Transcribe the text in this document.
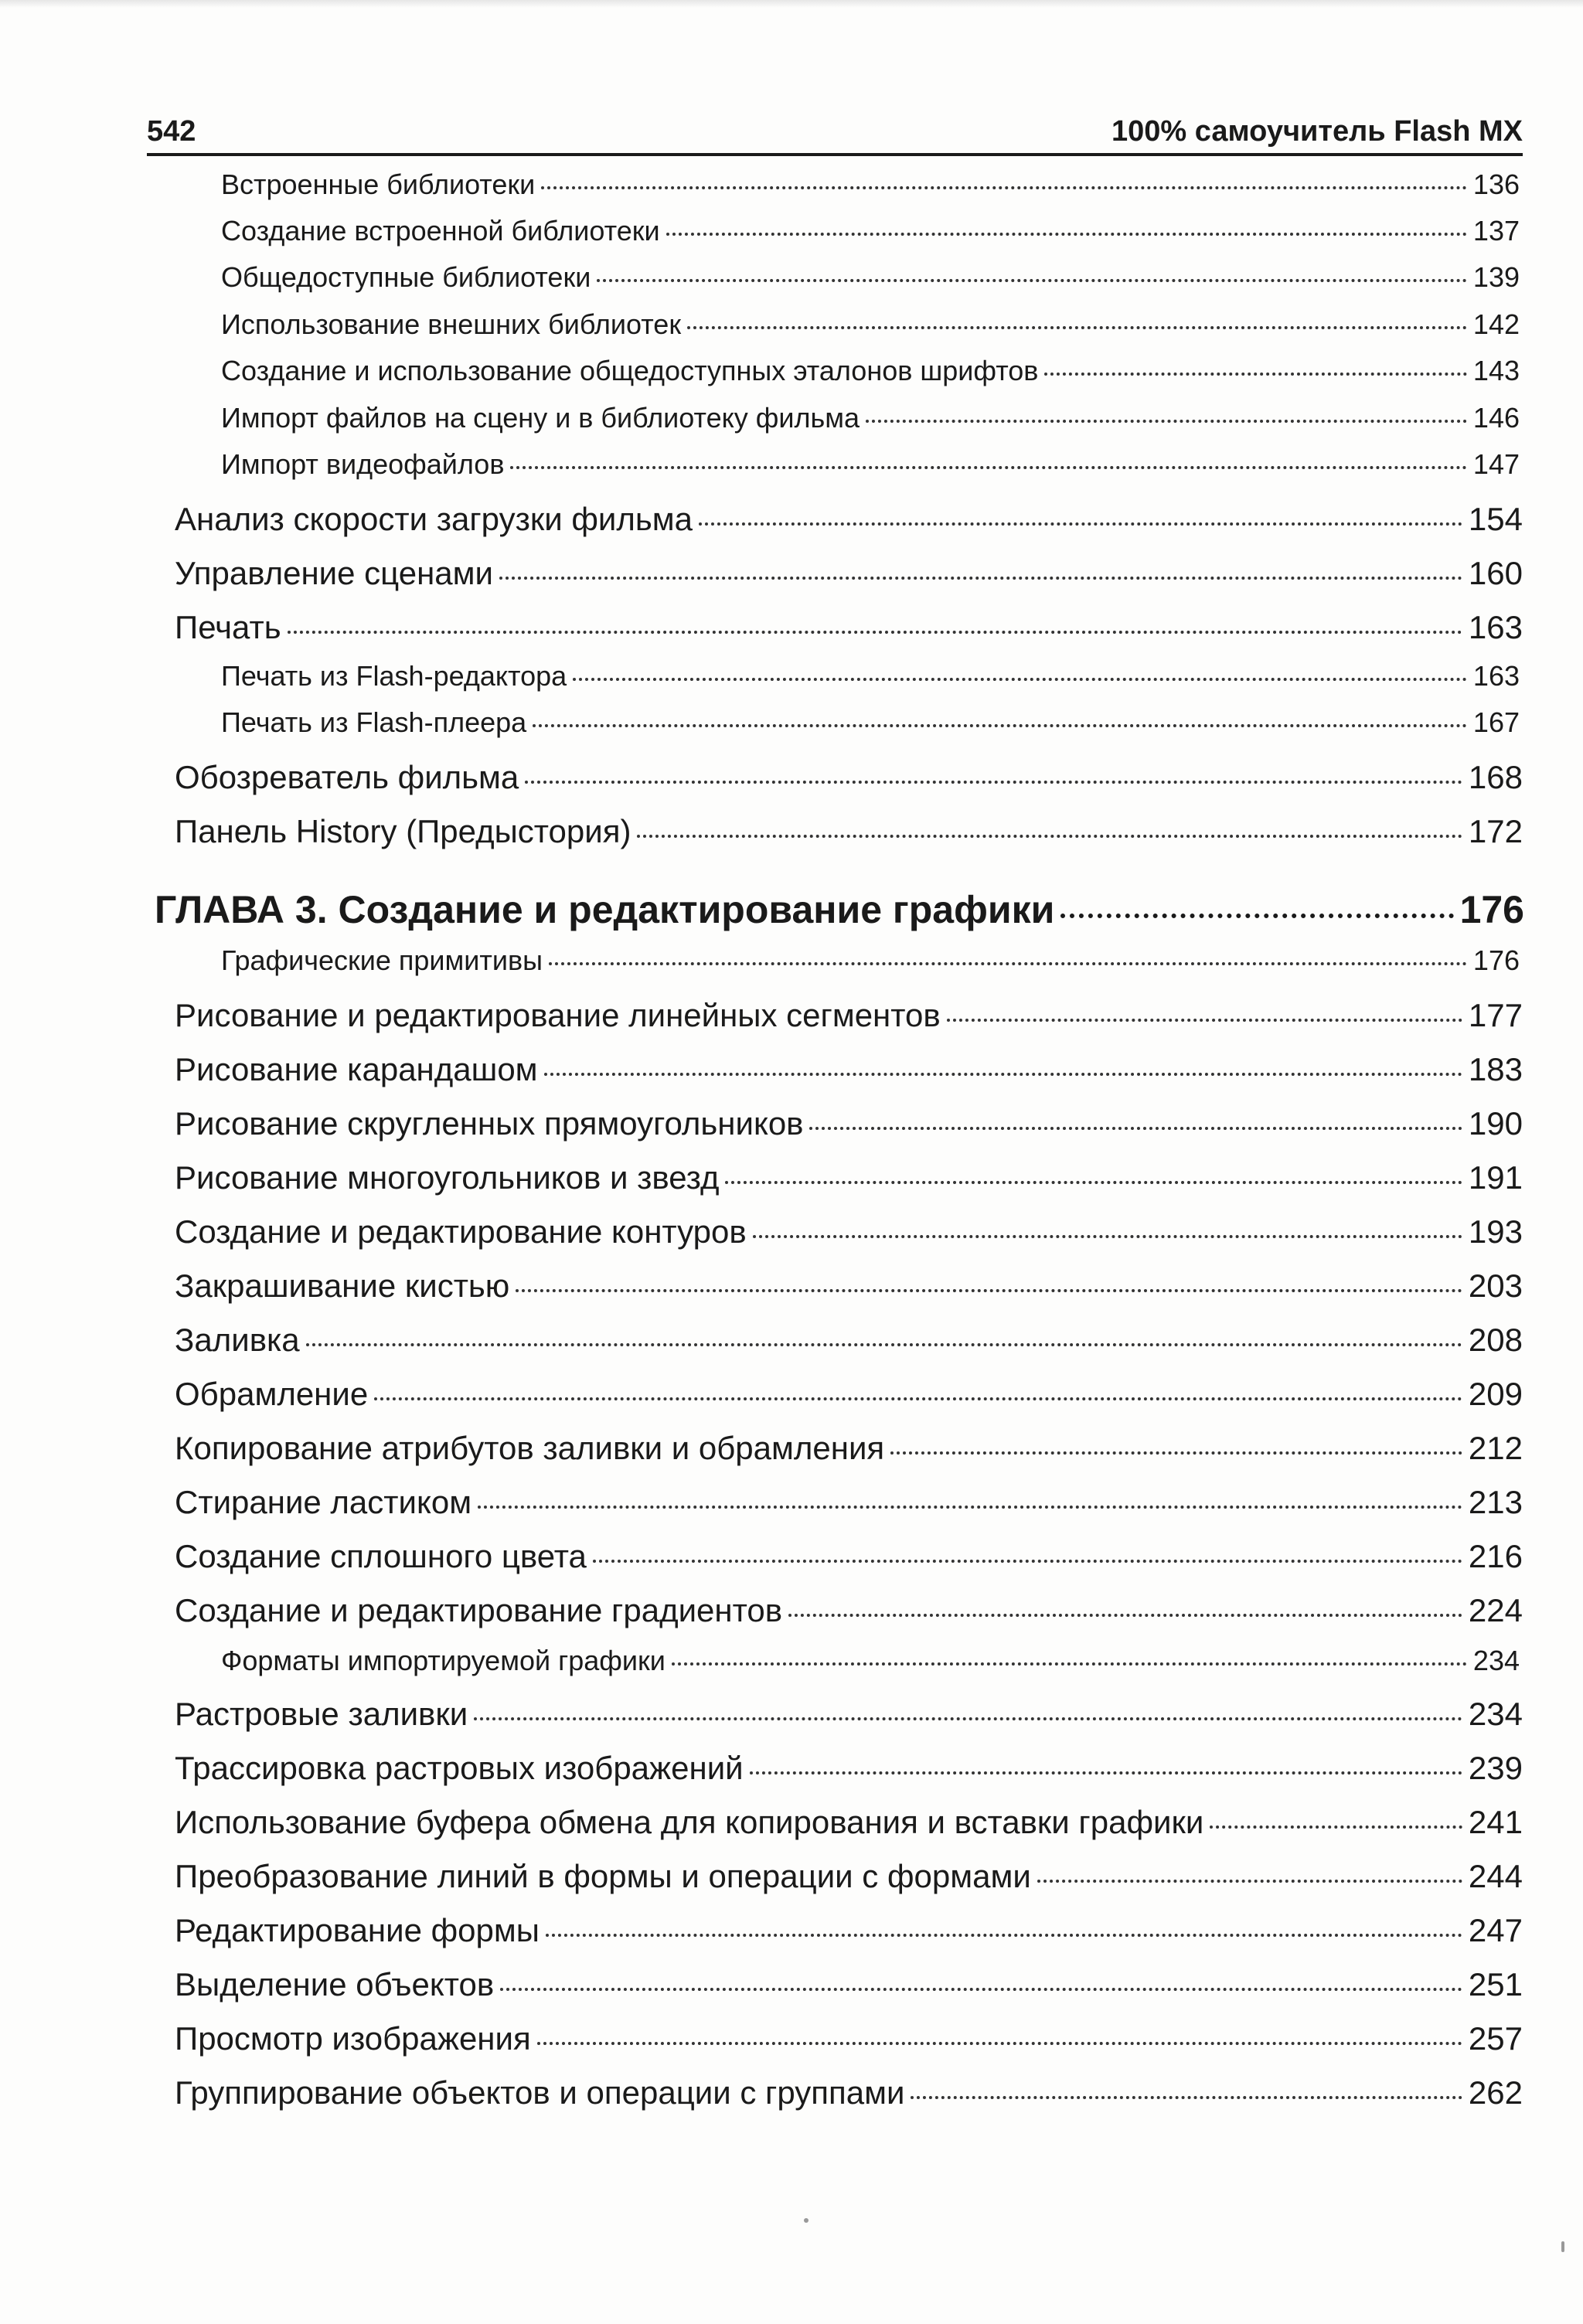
542	100% самоучитель Flash MX
Встроенные библиотеки	136
Создание встроенной библиотеки	137
Общедоступные библиотеки	139
Использование внешних библиотек	142
Создание и использование общедоступных эталонов шрифтов	143
Импорт файлов на сцену и в библиотеку фильма	146
Импорт видеофайлов	147
Анализ скорости загрузки фильма	154
Управление сценами	160
Печать	163
Печать из Flash-редактора	163
Печать из Flash-плеера	167
Обозреватель фильма	168
Панель History (Предыстория)	172
ГЛАВА 3. Создание и редактирование графики	176
Графические примитивы	176
Рисование и редактирование линейных сегментов	177
Рисование карандашом	183
Рисование скругленных прямоугольников	190
Рисование многоугольников и звезд	191
Создание и редактирование контуров	193
Закрашивание кистью	203
Заливка	208
Обрамление	209
Копирование атрибутов заливки и обрамления	212
Стирание ластиком	213
Создание сплошного цвета	216
Создание и редактирование градиентов	224
Форматы импортируемой графики	234
Растровые заливки	234
Трассировка растровых изображений	239
Использование буфера обмена для копирования и вставки графики	241
Преобразование линий в формы и операции с формами	244
Редактирование формы	247
Выделение объектов	251
Просмотр изображения	257
Группирование объектов и операции с группами	262
